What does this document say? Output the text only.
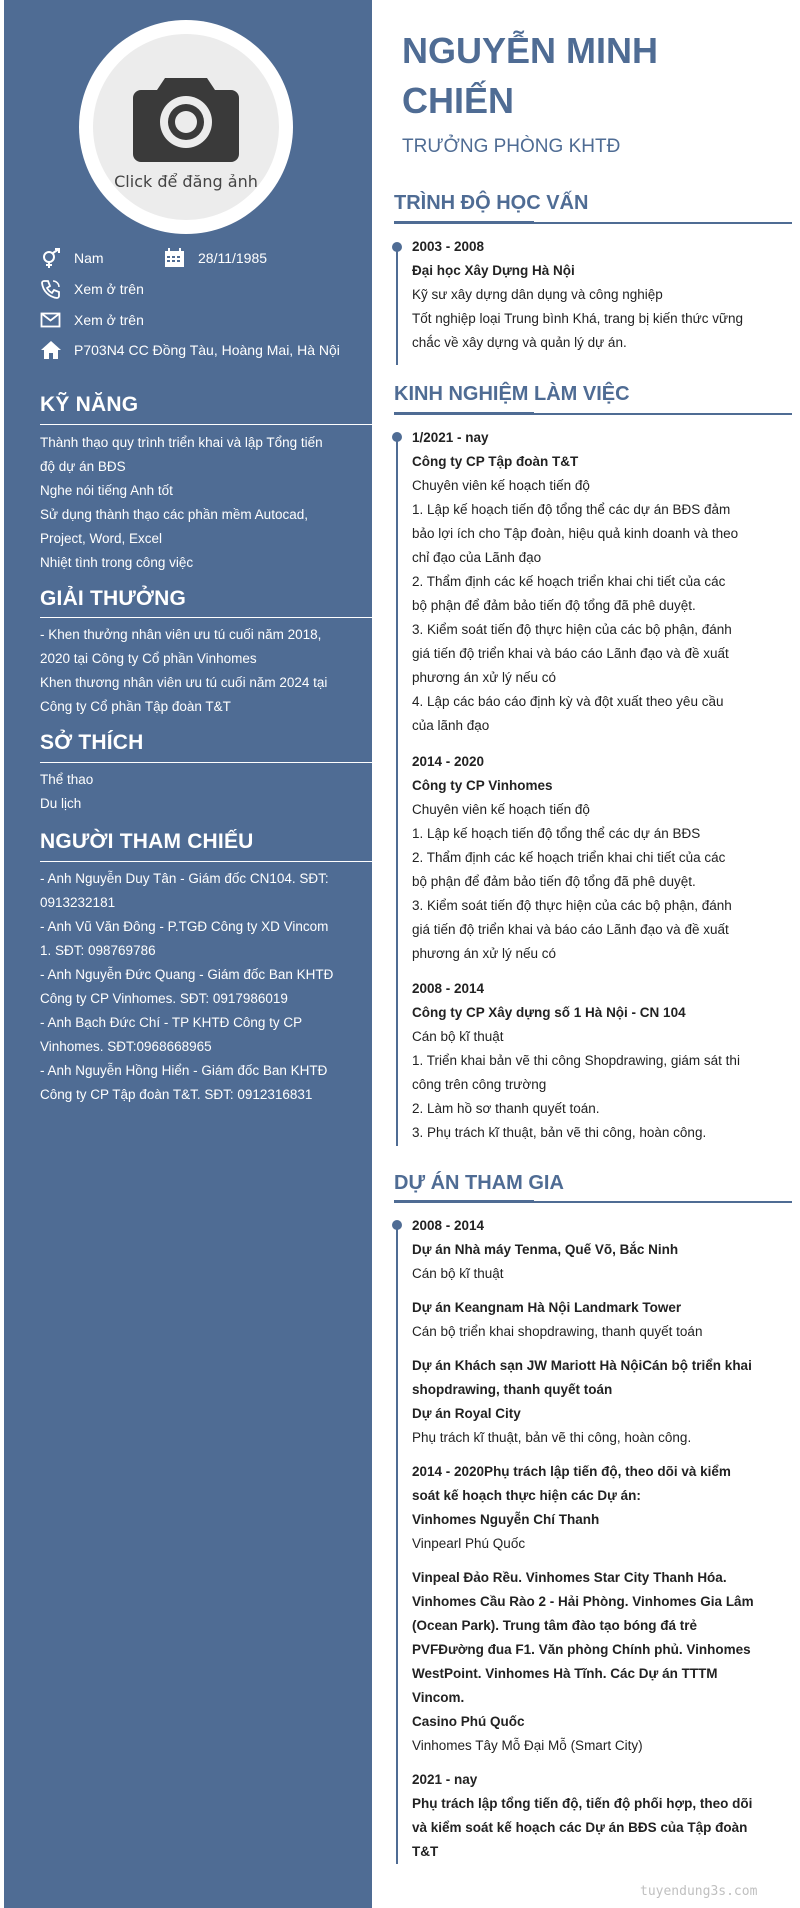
Click để đăng ảnh
Nam	28/11/1985
Xem ở trên
Xem ở trên
P703N4 CC Đồng Tàu, Hoàng Mai, Hà Nội
KỸ NĂNG
Thành thạo quy trình triển khai và lập Tổng tiến
độ dự án BĐS
Nghe nói tiếng Anh tốt
Sử dụng thành thạo các phần mềm Autocad,
Project, Word, Excel
Nhiệt tình trong công việc
GIẢI THƯỞNG
- Khen thưởng nhân viên ưu tú cuối năm 2018,
2020 tại Công ty Cổ phần Vinhomes
Khen thương nhân viên ưu tú cuối năm 2024 tại
Công ty Cổ phần Tập đoàn T&T
SỞ THÍCH
Thể thao
Du lịch
NGƯỜI THAM CHIẾU
- Anh Nguyễn Duy Tân - Giám đốc CN104. SĐT:
0913232181
- Anh Vũ Văn Đông - P.TGĐ Công ty XD Vincom
1. SĐT: 098769786
- Anh Nguyễn Đức Quang - Giám đốc Ban KHTĐ
Công ty CP Vinhomes. SĐT: 0917986019
- Anh Bạch Đức Chí - TP KHTĐ Công ty CP
Vinhomes. SĐT:0968668965
- Anh Nguyễn Hồng Hiển - Giám đốc Ban KHTĐ
Công ty CP Tập đoàn T&T. SĐT: 0912316831
NGUYỄN MINH
CHIẾN
TRƯỞNG PHÒNG KHTĐ
TRÌNH ĐỘ HỌC VẤN
2003 - 2008
Đại học Xây Dựng Hà Nội
Kỹ sư xây dựng dân dụng và công nghiệp
Tốt nghiệp loại Trung bình Khá, trang bị kiến thức vững
chắc về xây dựng và quản lý dự án.
KINH NGHIỆM LÀM VIỆC
1/2021 - nay
Công ty CP Tập đoàn T&T
Chuyên viên kế hoạch tiến độ
1. Lập kế hoạch tiến độ tổng thể các dự án BĐS đảm
bảo lợi ích cho Tập đoàn, hiệu quả kinh doanh và theo
chỉ đạo của Lãnh đạo
2. Thẩm định các kế hoạch triển khai chi tiết của các
bộ phận để đảm bảo tiến độ tổng đã phê duyệt.
3. Kiểm soát tiến độ thực hiện của các bộ phận, đánh
giá tiến độ triển khai và báo cáo Lãnh đạo và đề xuất
phương án xử lý nếu có
4. Lập các báo cáo định kỳ và đột xuất theo yêu cầu
của lãnh đạo
2014 - 2020
Công ty CP Vinhomes
Chuyên viên kế hoạch tiến độ
1. Lập kế hoạch tiến độ tổng thể các dự án BĐS
2. Thẩm định các kế hoạch triển khai chi tiết của các
bộ phận để đảm bảo tiến độ tổng đã phê duyệt.
3. Kiểm soát tiến độ thực hiện của các bộ phận, đánh
giá tiến độ triển khai và báo cáo Lãnh đạo và đề xuất
phương án xử lý nếu có
2008 - 2014
Công ty CP Xây dựng số 1 Hà Nội - CN 104
Cán bộ kĩ thuật
1. Triển khai bản vẽ thi công Shopdrawing, giám sát thi
công trên công trường
2. Làm hồ sơ thanh quyết toán.
3. Phụ trách kĩ thuật, bản vẽ thi công, hoàn công.
DỰ ÁN THAM GIA
2008 - 2014
Dự án Nhà máy Tenma, Quế Võ, Bắc Ninh
Cán bộ kĩ thuật
Dự án Keangnam Hà Nội Landmark Tower
Cán bộ triển khai shopdrawing, thanh quyết toán
Dự án Khách sạn JW Mariott Hà NộiCán bộ triển khai
shopdrawing, thanh quyết toán
Dự án Royal City
Phụ trách kĩ thuật, bản vẽ thi công, hoàn công.
2014 - 2020Phụ trách lập tiến độ, theo dõi và kiểm
soát kế hoạch thực hiện các Dự án:
Vinhomes Nguyễn Chí Thanh
Vinpearl Phú Quốc
Vinpeal Đảo Rều. Vinhomes Star City Thanh Hóa.
Vinhomes Cầu Rào 2 - Hải Phòng. Vinhomes Gia Lâm
(Ocean Park). Trung tâm đào tạo bóng đá trẻ
PVFĐường đua F1. Văn phòng Chính phủ. Vinhomes
WestPoint. Vinhomes Hà Tĩnh. Các Dự án TTTM
Vincom.
Casino Phú Quốc
Vinhomes Tây Mỗ Đại Mỗ (Smart City)
2021 - nay
Phụ trách lập tổng tiến độ, tiến độ phối hợp, theo dõi
và kiểm soát kế hoạch các Dự án BĐS của Tập đoàn
T&T
tuyendung3s.com
